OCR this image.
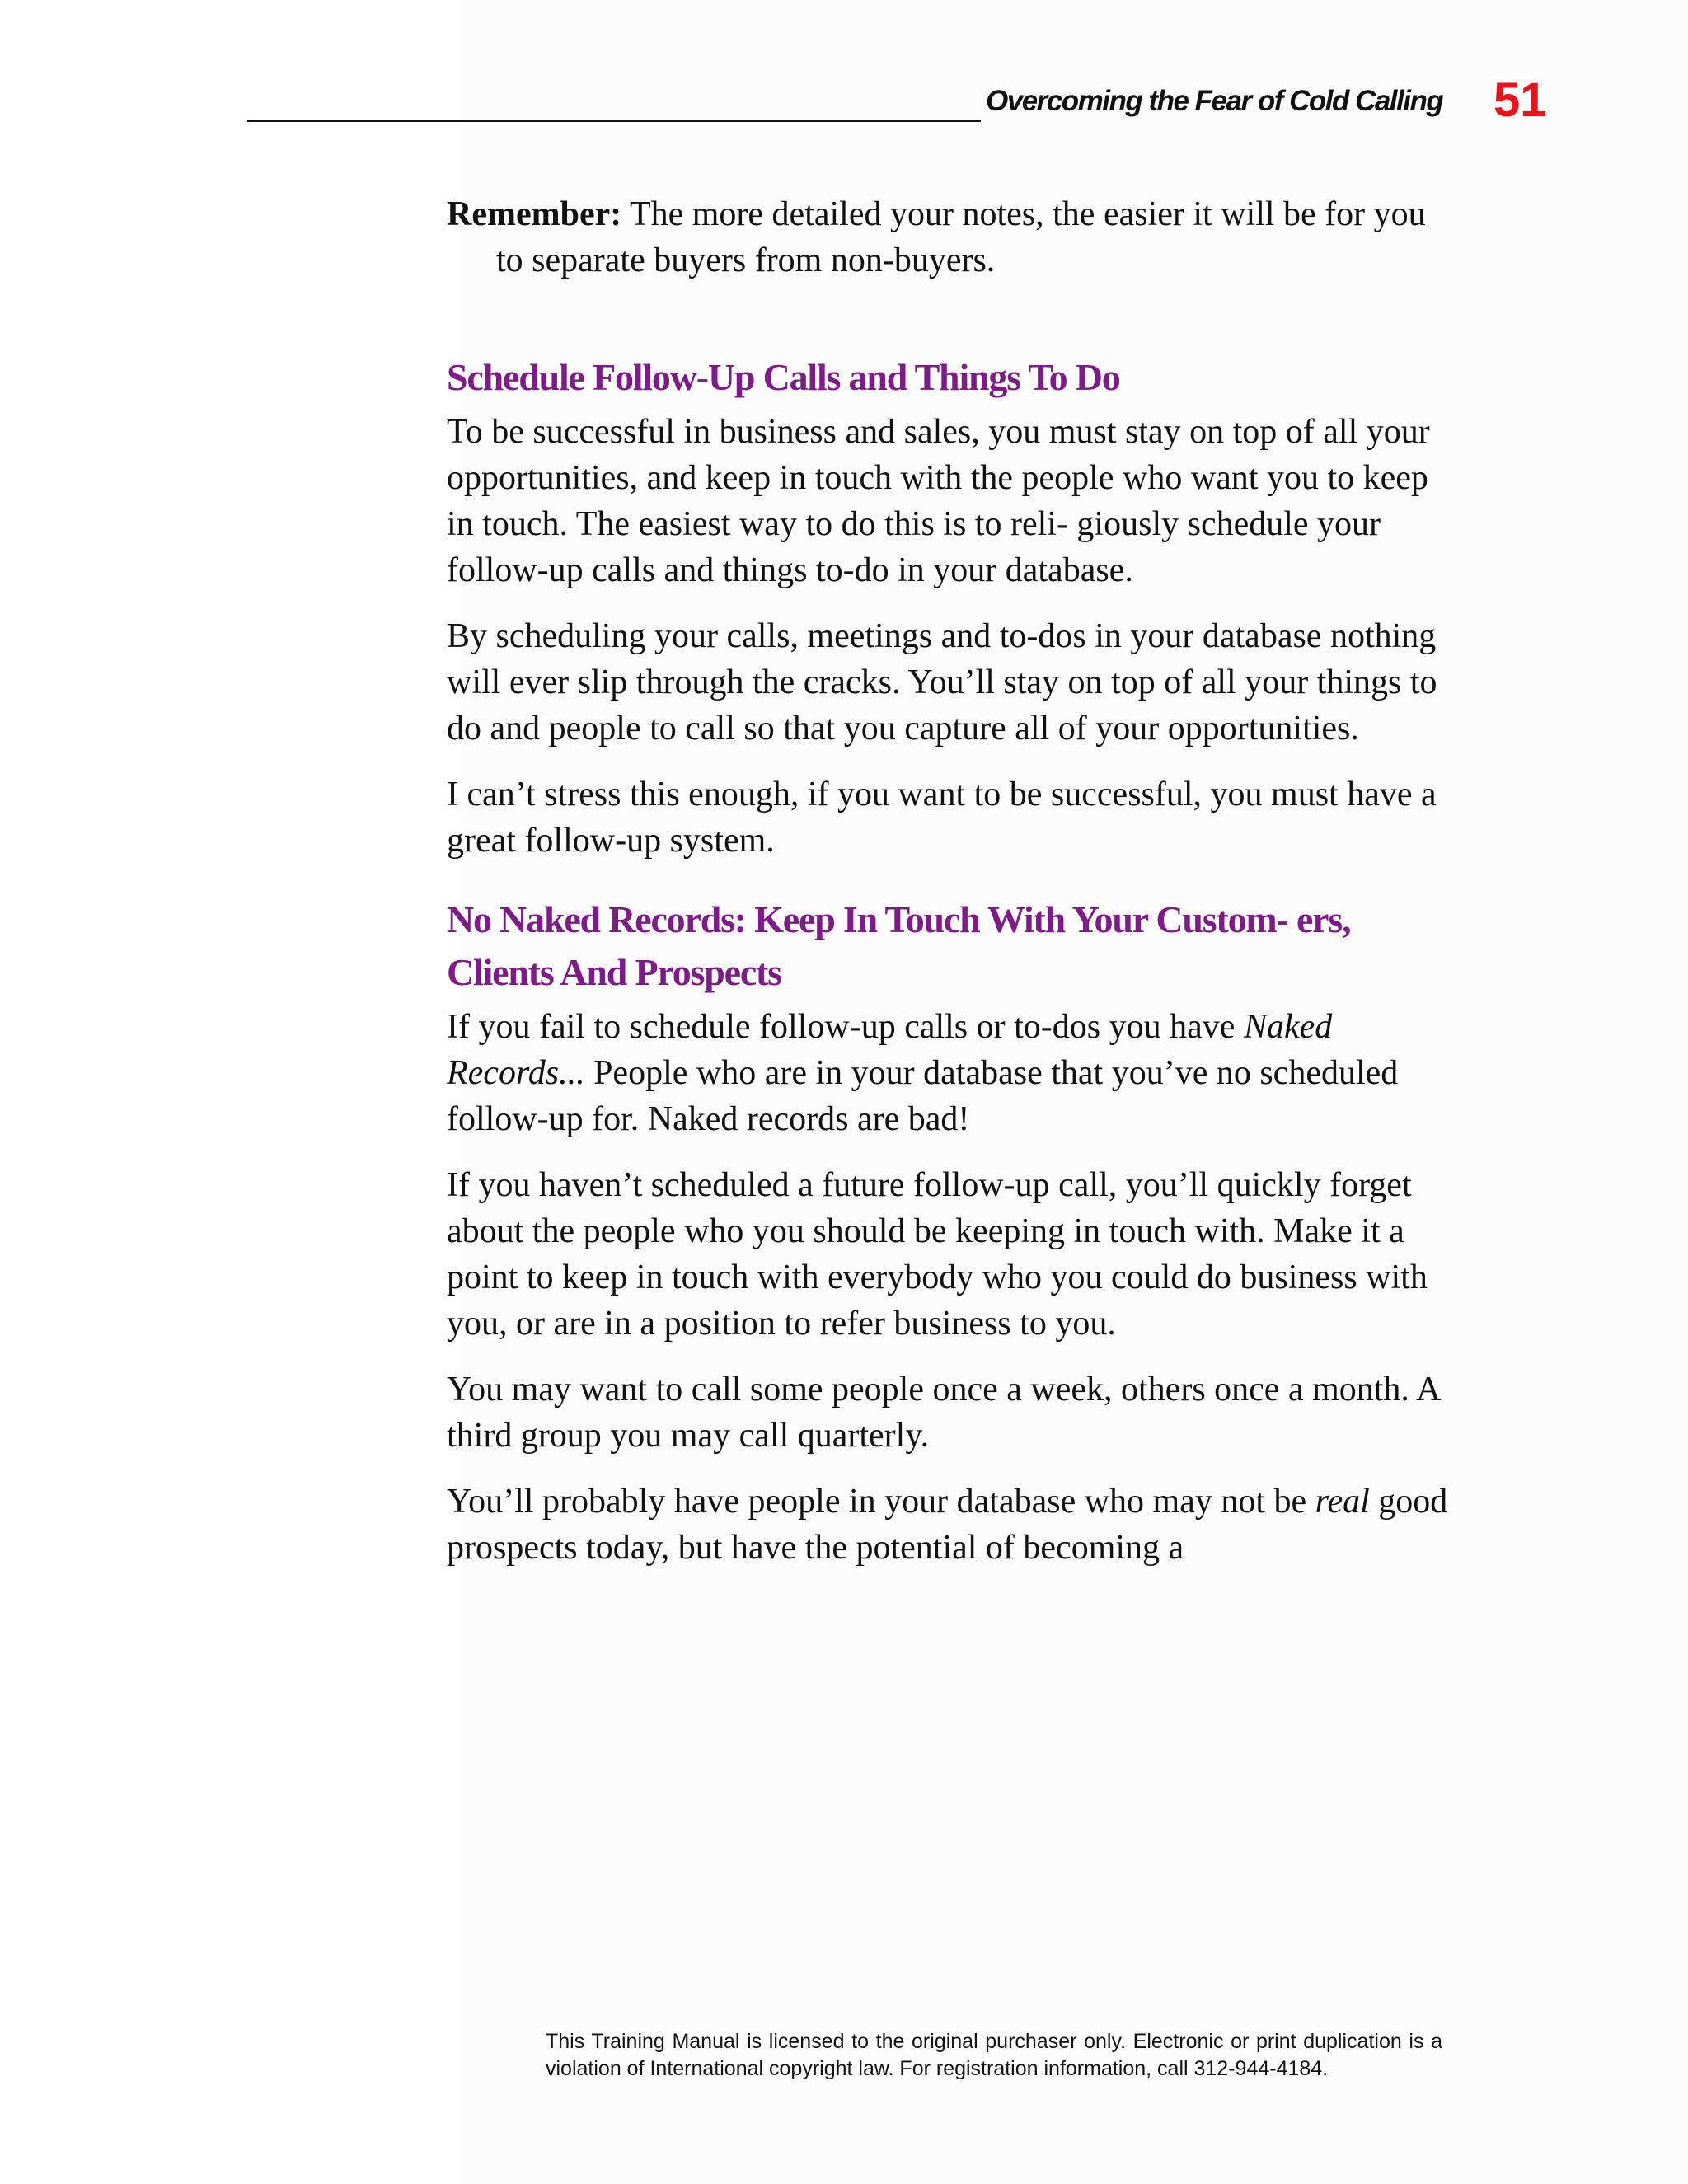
Overcoming the Fear of Cold Calling 51

Remember: The more detailed your notes, the easier it will be for you to separate buyers from non-buyers.

Schedule Follow-Up Calls and Things To Do

To be successful in business and sales, you must stay on top of all your opportunities, and keep in touch with the people who want you to keep in touch. The easiest way to do this is to reli- giously schedule your follow-up calls and things to-do in your database.

By scheduling your calls, meetings and to-dos in your database nothing will ever slip through the cracks. You’ll stay on top of all your things to do and people to call so that you capture all of your opportunities.

I can’t stress this enough, if you want to be successful, you must have a great follow-up system.

No Naked Records: Keep In Touch With Your Custom- ers, Clients And Prospects

If you fail to schedule follow-up calls or to-dos you have Naked Records... People who are in your database that you’ve no scheduled follow-up for. Naked records are bad!

If you haven’t scheduled a future follow-up call, you’ll quickly forget about the people who you should be keeping in touch with. Make it a point to keep in touch with everybody who you could do business with you, or are in a position to refer business to you.

You may want to call some people once a week, others once a month. A third group you may call quarterly.

You’ll probably have people in your database who may not be real good prospects today, but have the potential of becoming a

This Training Manual is licensed to the original purchaser only. Electronic or print duplication is a violation of International copyright law. For registration information, call 312-944-4184.
